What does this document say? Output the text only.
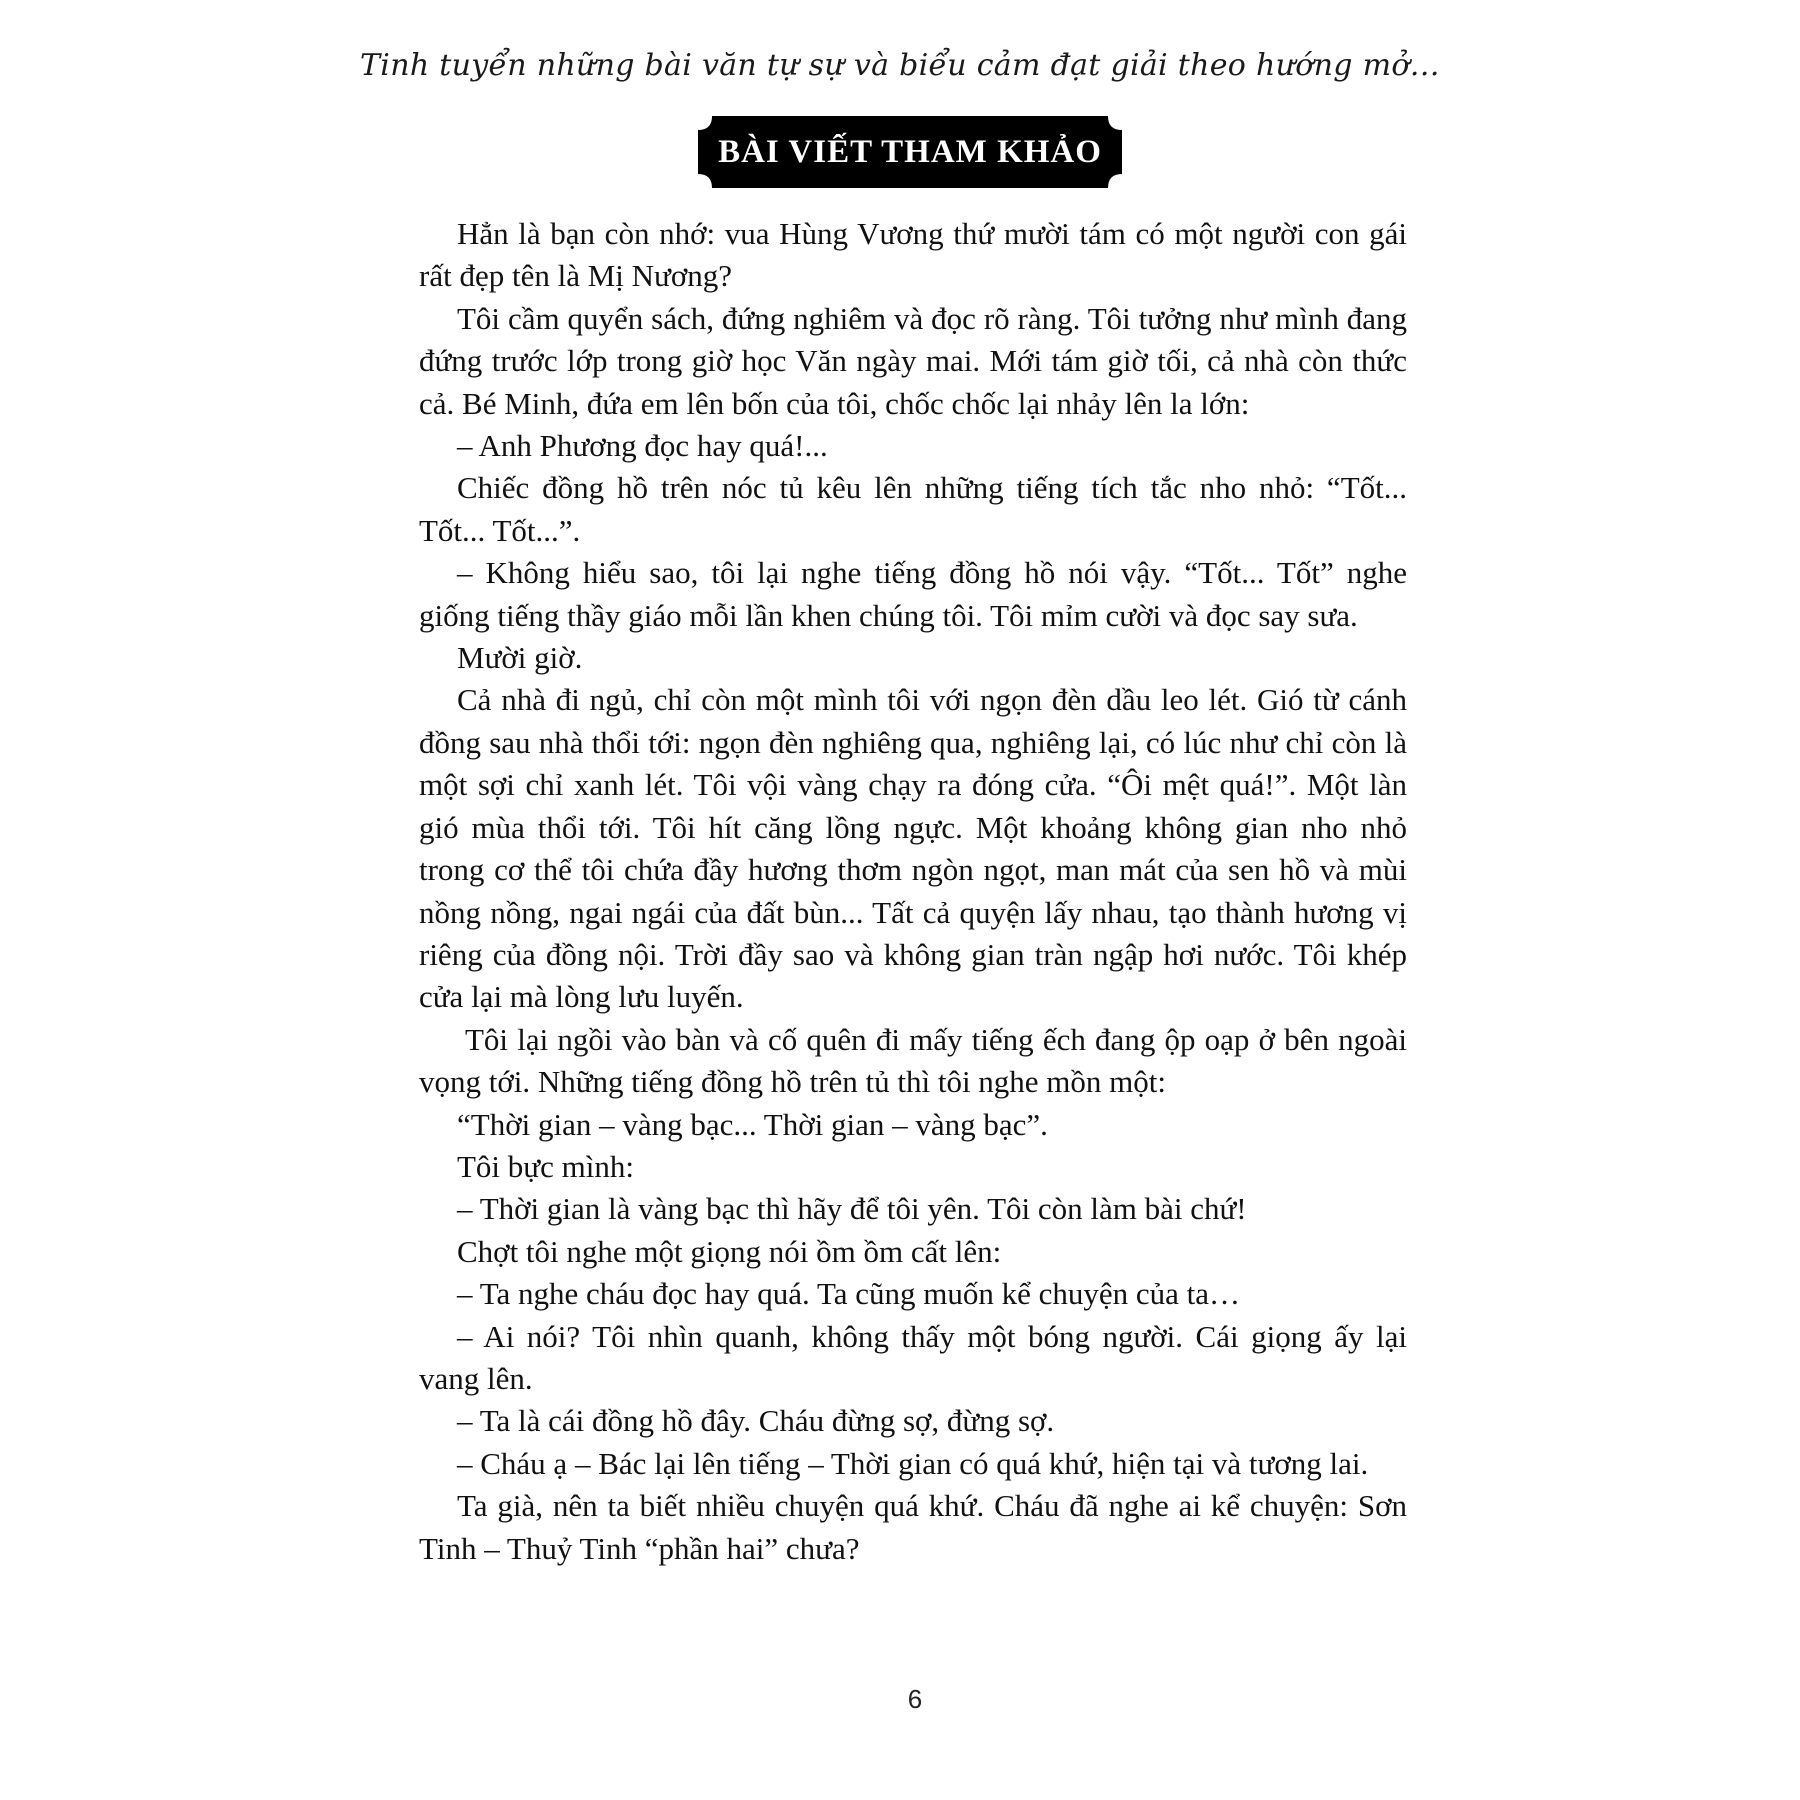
Tinh tuyển những bài văn tự sự và biểu cảm đạt giải theo hướng mở…
BÀI VIẾT THAM KHẢO

Hẳn là bạn còn nhớ: vua Hùng Vương thứ mười tám có một người con gái rất đẹp tên là Mị Nương?

Tôi cầm quyển sách, đứng nghiêm và đọc rõ ràng. Tôi tưởng như mình đang đứng trước lớp trong giờ học Văn ngày mai. Mới tám giờ tối, cả nhà còn thức cả. Bé Minh, đứa em lên bốn của tôi, chốc chốc lại nhảy lên la lớn:

– Anh Phương đọc hay quá!...

Chiếc đồng hồ trên nóc tủ kêu lên những tiếng tích tắc nho nhỏ: “Tốt... Tốt... Tốt...”.

– Không hiểu sao, tôi lại nghe tiếng đồng hồ nói vậy. “Tốt... Tốt” nghe giống tiếng thầy giáo mỗi lần khen chúng tôi. Tôi mỉm cười và đọc say sưa.

Mười giờ.

Cả nhà đi ngủ, chỉ còn một mình tôi với ngọn đèn dầu leo lét. Gió từ cánh đồng sau nhà thổi tới: ngọn đèn nghiêng qua, nghiêng lại, có lúc như chỉ còn là một sợi chỉ xanh lét. Tôi vội vàng chạy ra đóng cửa. “Ôi mệt quá!”. Một làn gió mùa thổi tới. Tôi hít căng lồng ngực. Một khoảng không gian nho nhỏ trong cơ thể tôi chứa đầy hương thơm ngòn ngọt, man mát của sen hồ và mùi nồng nồng, ngai ngái của đất bùn... Tất cả quyện lấy nhau, tạo thành hương vị riêng của đồng nội. Trời đầy sao và không gian tràn ngập hơi nước. Tôi khép cửa lại mà lòng lưu luyến.

Tôi lại ngồi vào bàn và cố quên đi mấy tiếng ếch đang ộp oạp ở bên ngoài vọng tới. Những tiếng đồng hồ trên tủ thì tôi nghe mồn một:

“Thời gian – vàng bạc... Thời gian – vàng bạc”.

Tôi bực mình:

– Thời gian là vàng bạc thì hãy để tôi yên. Tôi còn làm bài chứ!

Chợt tôi nghe một giọng nói ồm ồm cất lên:

– Ta nghe cháu đọc hay quá. Ta cũng muốn kể chuyện của ta…

– Ai nói? Tôi nhìn quanh, không thấy một bóng người. Cái giọng ấy lại vang lên.

– Ta là cái đồng hồ đây. Cháu đừng sợ, đừng sợ.

– Cháu ạ – Bác lại lên tiếng – Thời gian có quá khứ, hiện tại và tương lai.

Ta già, nên ta biết nhiều chuyện quá khứ. Cháu đã nghe ai kể chuyện: Sơn Tinh – Thuỷ Tinh “phần hai” chưa?

6
